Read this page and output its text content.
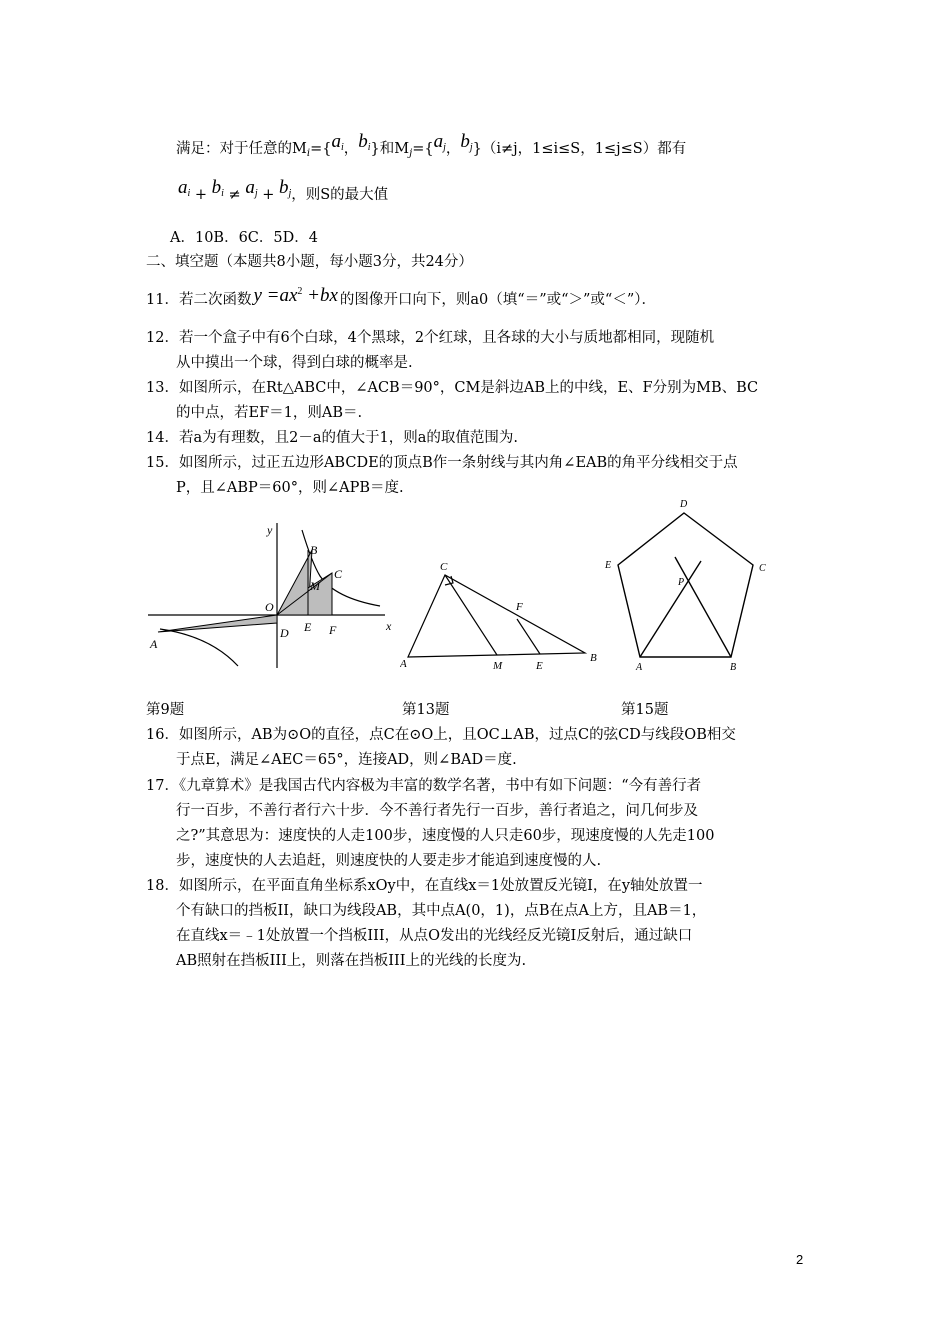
满足：对于任意的$M_i=\{a_i$，$b_i$}和$M_j=\{a_j$，$b_j\}(i\ne j$，1≤i≤S，1≤j≤S）都有
$a_i + b_i \ne a_j + b_j$，则S的最大值
A．10B．6C．5D．4
二、填空题（本题共8小题，每小题3分，共24分）
11．若二次函数 $y =ax^2 +bx$ 的图像开口向下，则a0（填“＝”或“＞”或“＜”）．
12．若一个盒子中有6个白球，4个黑球，2个红球，且各球的大小与质地都相同，现随机
从中摸出一个球，得到白球的概率是.
13．如图所示，在Rt△ABC中，∠ACB＝90°，CM是斜边AB上的中线，E、F分别为MB、BC
的中点，若EF＝1，则AB＝.
14．若a为有理数，且2－a的值大于1，则a的取值范围为.
15．如图所示，过正五边形ABCDE的顶点B作一条射线与其内角∠EAB的角平分线相交于点
P，且∠ABP＝60°，则∠APB＝度.
y
x
O
A
B
C
M
D E F
A	B
C
M	E
F
D
C
E
P
A	B
第9题	第13题	第15题
16．如图所示，AB为⊙O的直径，点C在⊙O上，且OC⊥AB，过点C的弦CD与线段OB相交
于点E，满足∠AEC＝65°，连接AD，则∠BAD＝度.
17．《九章算术》是我国古代内容极为丰富的数学名著，书中有如下问题：“今有善行者
行一百步，不善行者行六十步．今不善行者先行一百步，善行者追之，问几何步及
之?”其意思为：速度快的人走100步，速度慢的人只走60步，现速度慢的人先走100
步，速度快的人去追赶，则速度快的人要走步才能追到速度慢的人.
18．如图所示，在平面直角坐标系xOy中，在直线x＝1处放置反光镜I，在y轴处放置一
个有缺口的挡板II，缺口为线段AB，其中点A(0，1)，点B在点A上方，且AB＝1，
在直线x＝﹣1处放置一个挡板III，从点O发出的光线经反光镜I反射后，通过缺口
AB照射在挡板III上，则落在挡板III上的光线的长度为.
2
